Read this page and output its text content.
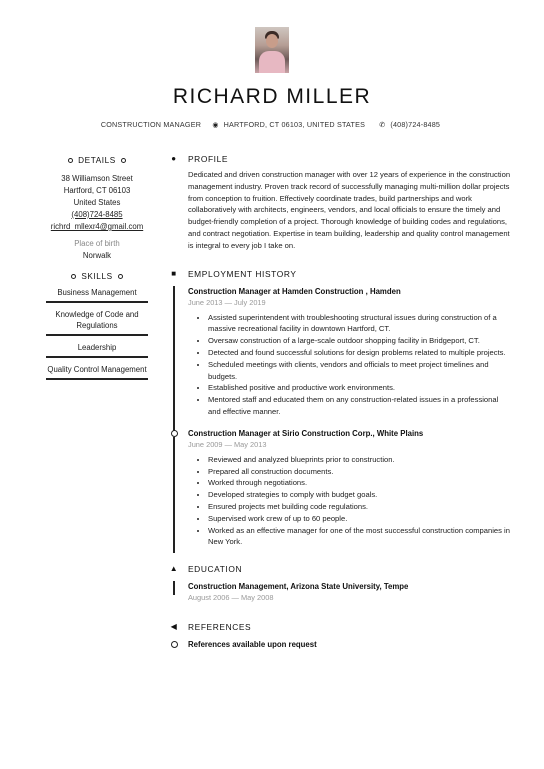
RICHARD MILLER
CONSTRUCTION MANAGER ◉ HARTFORD, CT 06103, UNITED STATES ✆ (408)724-8485
DETAILS
38 Williamson Street
Hartford, CT 06103
United States
(408)724-8485
richrd_mllexr4@gmail.com
Place of birth
Norwalk
SKILLS
Business Management
Knowledge of Code and Regulations
Leadership
Quality Control Management
●	PROFILE
Dedicated and driven construction manager with over 12 years of experience in the construction management industry. Proven track record of successfully managing multi-million dollar projects from conception to fruition. Effectively coordinate trades, build partnerships and work collaboratively with architects, engineers, vendors, and local officials to ensure the timely and budget-friendly completion of a project. Thorough knowledge of building codes and regulations, and contract negotiation. Expertise in team building, leadership and quality control management is integral to every job I take on.
■	EMPLOYMENT HISTORY
Construction Manager at Hamden Construction , Hamden
June 2013 — July 2019
• Assisted superintendent with troubleshooting structural issues during construction of a massive recreational facility in downtown Hartford, CT.
• Oversaw construction of a large-scale outdoor shopping facility in Bridgeport, CT.
• Detected and found successful solutions for design problems related to multiple projects.
• Scheduled meetings with clients, vendors and officials to meet project timelines and budgets.
• Established positive and productive work environments.
• Mentored staff and educated them on any construction-related issues in a professional and effective manner.
Construction Manager at Sirio Construction Corp., White Plains
June 2009 — May 2013
• Reviewed and analyzed blueprints prior to construction.
• Prepared all construction documents.
• Worked through negotiations.
• Developed strategies to comply with budget goals.
• Ensured projects met building code regulations.
• Supervised work crew of up to 60 people.
• Worked as an effective manager for one of the most successful construction companies in New York.
▲ EDUCATION
Construction Management, Arizona State University, Tempe
August 2006 — May 2008
◀	REFERENCES
References available upon request
